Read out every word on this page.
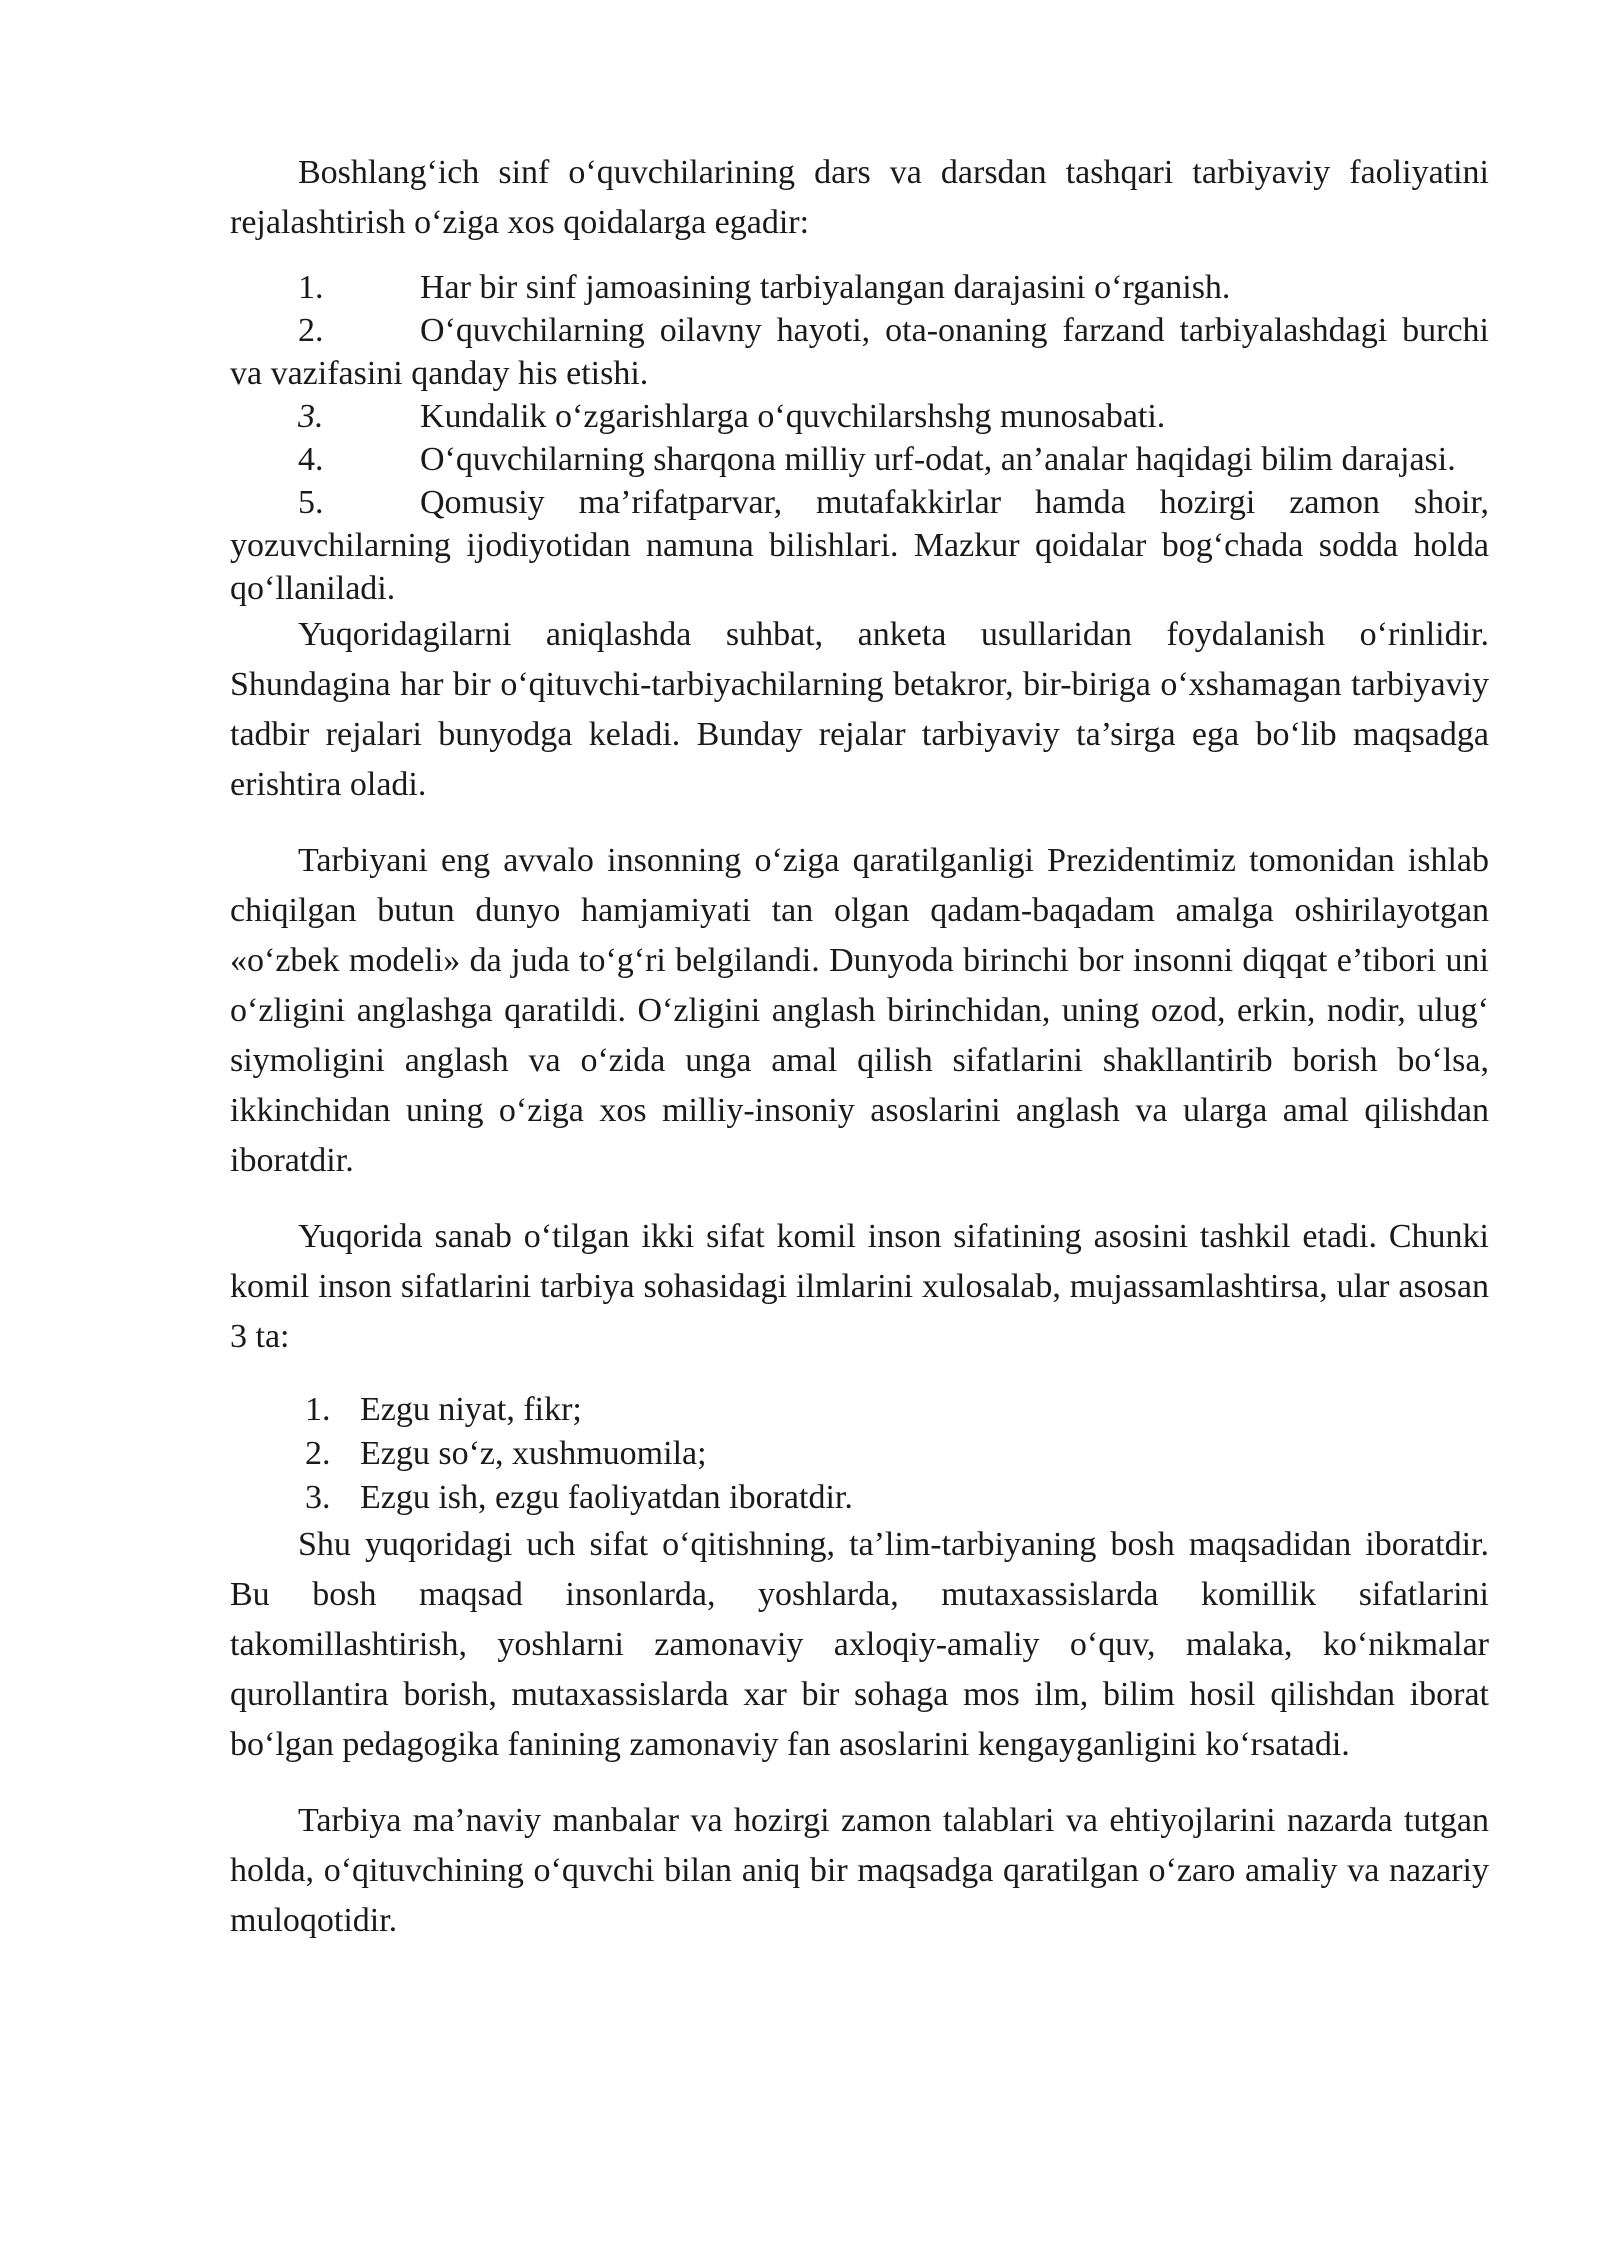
Boshlang‘ich sinf o‘quvchilarining dars va darsdan tashqari tarbiyaviy faoliyatini rejalashtirish o‘ziga xos qoidalarga egadir:

1.	Har bir sinf jamoasining tarbiyalangan darajasini o‘rganish.

2.	O‘quvchilarning oilavny hayoti, ota-onaning farzand tarbiyalashdagi burchi va vazifasini qanday his etishi.

3.	Kundalik o‘zgarishlarga o‘quvchilarshshg munosabati.

4.	O‘quvchilarning sharqona milliy urf-odat, an’analar haqidagi bilim darajasi.

5.	Qomusiy ma’rifatparvar, mutafakkirlar hamda hozirgi zamon shoir, yozuvchilarning ijodiyotidan namuna bilishlari. Mazkur qoidalar bog‘chada sodda holda qo‘llaniladi.

Yuqoridagilarni aniqlashda suhbat, anketa usullaridan foydalanish o‘rinlidir. Shundagina har bir o‘qituvchi-tarbiyachilarning betakror, bir-biriga o‘xshamagan tarbiyaviy tadbir rejalari bunyodga keladi. Bunday rejalar tarbiyaviy ta’sirga ega bo‘lib maqsadga erishtira oladi.

Tarbiyani eng avvalo insonning o‘ziga qaratilganligi Prezidentimiz tomonidan ishlab chiqilgan butun dunyo hamjamiyati tan olgan qadam-baqadam amalga oshirilayotgan «o‘zbek modeli» da juda to‘g‘ri belgilandi. Dunyoda birinchi bor insonni diqqat e’tibori uni o‘zligini anglashga qaratildi. O‘zligini anglash birinchidan, uning ozod, erkin, nodir, ulug‘ siymoligini anglash va o‘zida unga amal qilish sifatlarini shakllantirib borish bo‘lsa, ikkinchidan uning o‘ziga xos milliy-insoniy asoslarini anglash va ularga amal qilishdan iboratdir.

Yuqorida sanab o‘tilgan ikki sifat komil inson sifatining asosini tashkil etadi. Chunki komil inson sifatlarini tarbiya sohasidagi ilmlarini xulosalab, mujassamlashtirsa, ular asosan 3 ta:

1. Ezgu niyat, fikr;

2. Ezgu so‘z, xushmuomila;

3. Ezgu ish, ezgu faoliyatdan iboratdir.

Shu yuqoridagi uch sifat o‘qitishning, ta’lim-tarbiyaning bosh maqsadidan iboratdir. Bu bosh maqsad insonlarda, yoshlarda, mutaxassislarda komillik sifatlarini takomillashtirish, yoshlarni zamonaviy axloqiy-amaliy o‘quv, malaka, ko‘nikmalar qurollantira borish, mutaxassislarda xar bir sohaga mos ilm, bilim hosil qilishdan iborat bo‘lgan pedagogika fanining zamonaviy fan asoslarini kengayganligini ko‘rsatadi.

Tarbiya ma’naviy manbalar va hozirgi zamon talablari va ehtiyojlarini nazarda tutgan holda, o‘qituvchining o‘quvchi bilan aniq bir maqsadga qaratilgan o‘zaro amaliy va nazariy muloqotidir.
